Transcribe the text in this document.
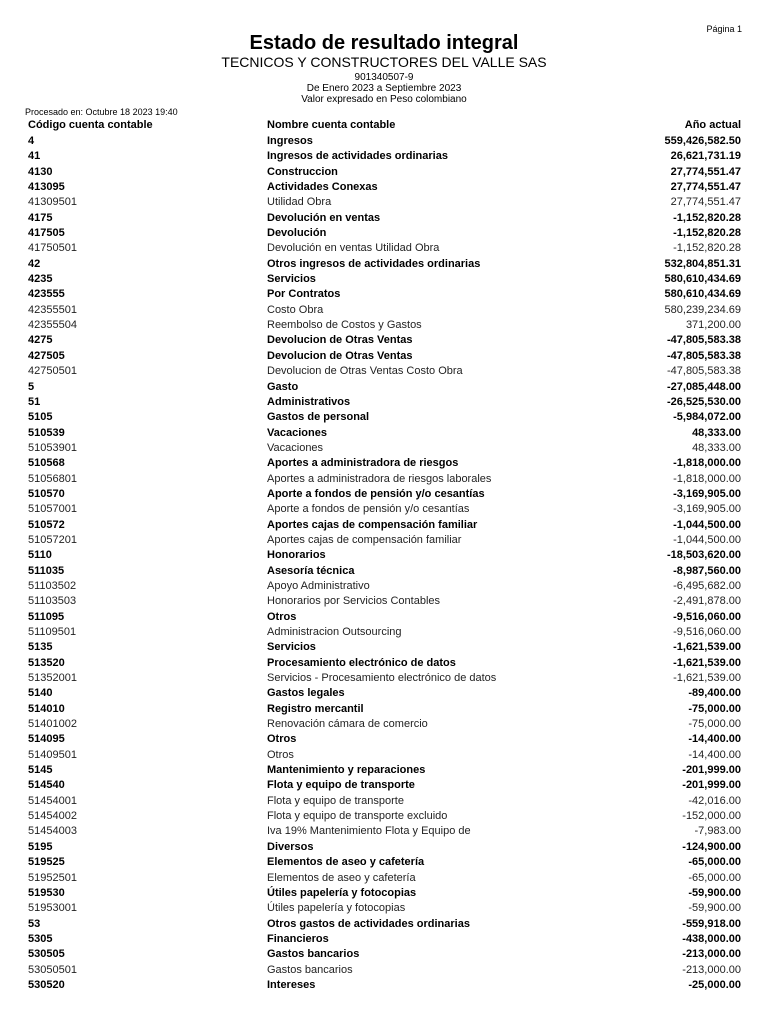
Página 1
Estado de resultado integral
TECNICOS Y CONSTRUCTORES DEL VALLE SAS
901340507-9
De Enero 2023 a Septiembre 2023
Valor expresado en Peso colombiano
Procesado en: Octubre 18 2023 19:40
Código cuenta contable	Nombre cuenta contable	Año actual
4	Ingresos	559,426,582.50
41	Ingresos de actividades ordinarias	26,621,731.19
4130	Construccion	27,774,551.47
413095	Actividades Conexas	27,774,551.47
41309501	Utilidad Obra	27,774,551.47
4175	Devolución en ventas	-1,152,820.28
417505	Devolución	-1,152,820.28
41750501	Devolución en ventas Utilidad Obra	-1,152,820.28
42	Otros ingresos de actividades ordinarias	532,804,851.31
4235	Servicios	580,610,434.69
423555	Por Contratos	580,610,434.69
42355501	Costo Obra	580,239,234.69
42355504	Reembolso de Costos y Gastos	371,200.00
4275	Devolucion de Otras Ventas	-47,805,583.38
427505	Devolucion de Otras Ventas	-47,805,583.38
42750501	Devolucion de Otras Ventas Costo Obra	-47,805,583.38
5	Gasto	-27,085,448.00
51	Administrativos	-26,525,530.00
5105	Gastos de personal	-5,984,072.00
510539	Vacaciones	48,333.00
51053901	Vacaciones	48,333.00
510568	Aportes a administradora de riesgos	-1,818,000.00
51056801	Aportes a administradora de riesgos laborales	-1,818,000.00
510570	Aporte a fondos de pensión y/o cesantías	-3,169,905.00
51057001	Aporte a fondos de pensión y/o cesantías	-3,169,905.00
510572	Aportes cajas de compensación familiar	-1,044,500.00
51057201	Aportes cajas de compensación familiar	-1,044,500.00
5110	Honorarios	-18,503,620.00
511035	Asesoría técnica	-8,987,560.00
51103502	Apoyo Administrativo	-6,495,682.00
51103503	Honorarios por Servicios Contables	-2,491,878.00
511095	Otros	-9,516,060.00
51109501	Administracion Outsourcing	-9,516,060.00
5135	Servicios	-1,621,539.00
513520	Procesamiento electrónico de datos	-1,621,539.00
51352001	Servicios - Procesamiento electrónico de datos	-1,621,539.00
5140	Gastos legales	-89,400.00
514010	Registro mercantil	-75,000.00
51401002	Renovación cámara de comercio	-75,000.00
514095	Otros	-14,400.00
51409501	Otros	-14,400.00
5145	Mantenimiento y reparaciones	-201,999.00
514540	Flota y equipo de transporte	-201,999.00
51454001	Flota y equipo de transporte	-42,016.00
51454002	Flota y equipo de transporte excluido	-152,000.00
51454003	Iva 19% Mantenimiento Flota y Equipo de	-7,983.00
5195	Diversos	-124,900.00
519525	Elementos de aseo y cafetería	-65,000.00
51952501	Elementos de aseo y cafetería	-65,000.00
519530	Útiles papelería y fotocopias	-59,900.00
51953001	Útiles papelería y fotocopias	-59,900.00
53	Otros gastos de actividades ordinarias	-559,918.00
5305	Financieros	-438,000.00
530505	Gastos bancarios	-213,000.00
53050501	Gastos bancarios	-213,000.00
530520	Intereses	-25,000.00
